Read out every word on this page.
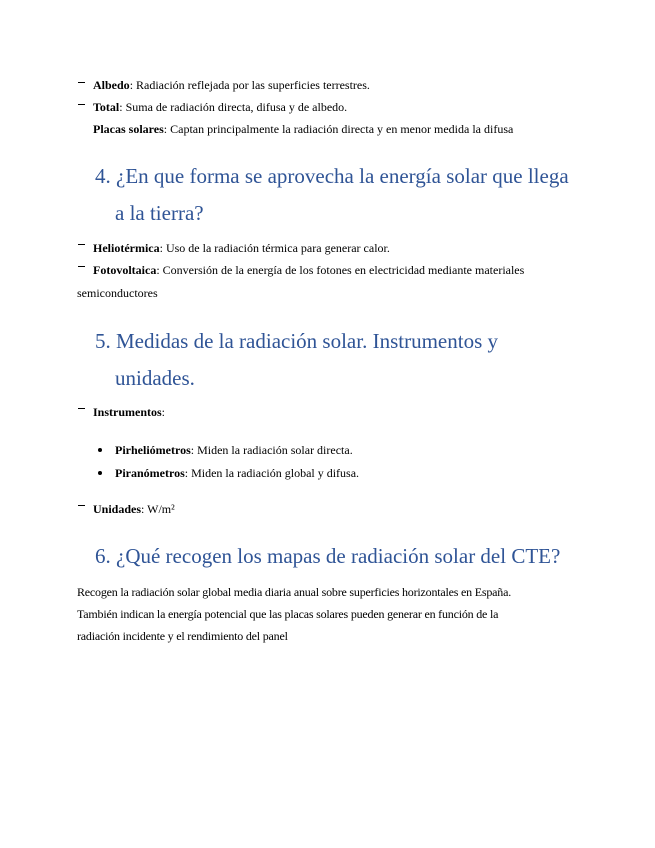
Albedo: Radiación reflejada por las superficies terrestres.
Total: Suma de radiación directa, difusa y de albedo.
Placas solares: Captan principalmente la radiación directa y en menor medida la difusa
4. ¿En que forma se aprovecha la energía solar que llega
a la tierra?
Heliotérmica: Uso de la radiación térmica para generar calor.
Fotovoltaica: Conversión de la energía de los fotones en electricidad mediante materiales
semiconductores
5. Medidas de la radiación solar. Instrumentos y
unidades.
Instrumentos:
Pirheliómetros: Miden la radiación solar directa.
Piranómetros: Miden la radiación global y difusa.
Unidades: W/m²
6. ¿Qué recogen los mapas de radiación solar del CTE?
Recogen la radiación solar global media diaria anual sobre superficies horizontales en España.
También indican la energía potencial que las placas solares pueden generar en función de la
radiación incidente y el rendimiento del panel
